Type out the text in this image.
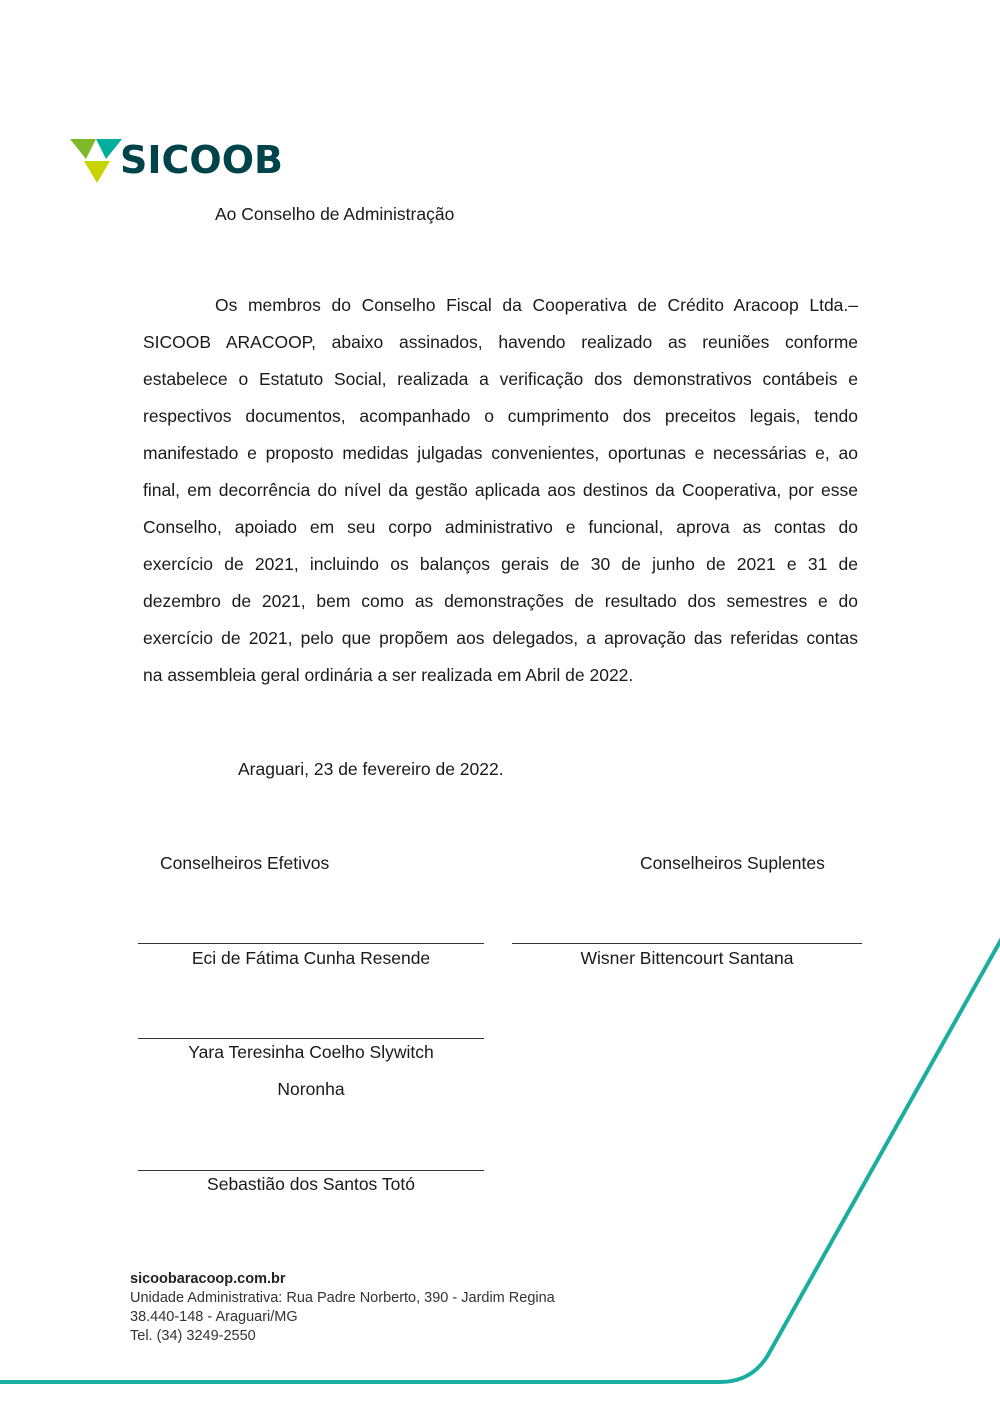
SICOOB
Ao Conselho de Administração
Os membros do Conselho Fiscal da Cooperativa de Crédito Aracoop Ltda.–
SICOOB ARACOOP, abaixo assinados, havendo realizado as reuniões conforme
estabelece o Estatuto Social, realizada a verificação dos demonstrativos contábeis e
respectivos documentos, acompanhado o cumprimento dos preceitos legais, tendo
manifestado e proposto medidas julgadas convenientes, oportunas e necessárias e, ao
final, em decorrência do nível da gestão aplicada aos destinos da Cooperativa, por esse
Conselho, apoiado em seu corpo administrativo e funcional, aprova as contas do
exercício de 2021, incluindo os balanços gerais de 30 de junho de 2021 e 31 de
dezembro de 2021, bem como as demonstrações de resultado dos semestres e do
exercício de 2021, pelo que propõem aos delegados, a aprovação das referidas contas
na assembleia geral ordinária a ser realizada em Abril de 2022.
Araguari, 23 de fevereiro de 2022.
Conselheiros Efetivos	Conselheiros Suplentes
Eci de Fátima Cunha Resende	Wisner Bittencourt Santana
Yara Teresinha Coelho Slywitch
Noronha
Sebastião dos Santos Totó
sicoobaracoop.com.br
Unidade Administrativa: Rua Padre Norberto, 390 - Jardim Regina
38.440-148 - Araguari/MG
Tel. (34) 3249-2550
